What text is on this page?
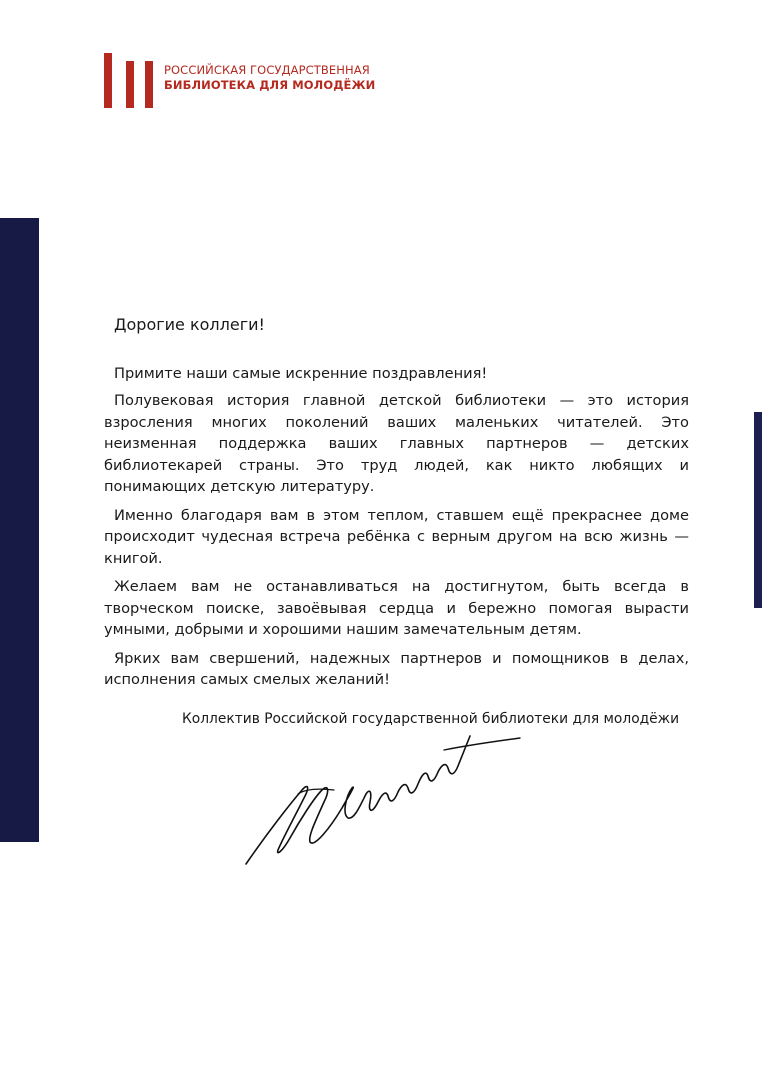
РОССИЙСКАЯ ГОСУДАРСТВЕННАЯ
БИБЛИОТЕКА ДЛЯ МОЛОДЁЖИ
Дорогие коллеги!

Примите наши самые искренние поздравления!

Полувековая история главной детской библиотеки — это история взросления многих поколений ваших маленьких читателей. Это неизменная поддержка ваших главных партнеров — детских библиотекарей страны. Это труд людей, как никто любящих и понимающих детскую литературу.

Именно благодаря вам в этом теплом, ставшем ещё прекраснее доме происходит чудесная встреча ребёнка с верным другом на всю жизнь — книгой.

Желаем вам не останавливаться на достигнутом, быть всегда в творческом поиске, завоёвывая сердца и бережно помогая вырасти умными, добрыми и хорошими нашим замечательным детям.

Ярких вам свершений, надежных партнеров и помощников в делах, исполнения самых смелых желаний!

Коллектив Российской государственной библиотеки для молодёжи
